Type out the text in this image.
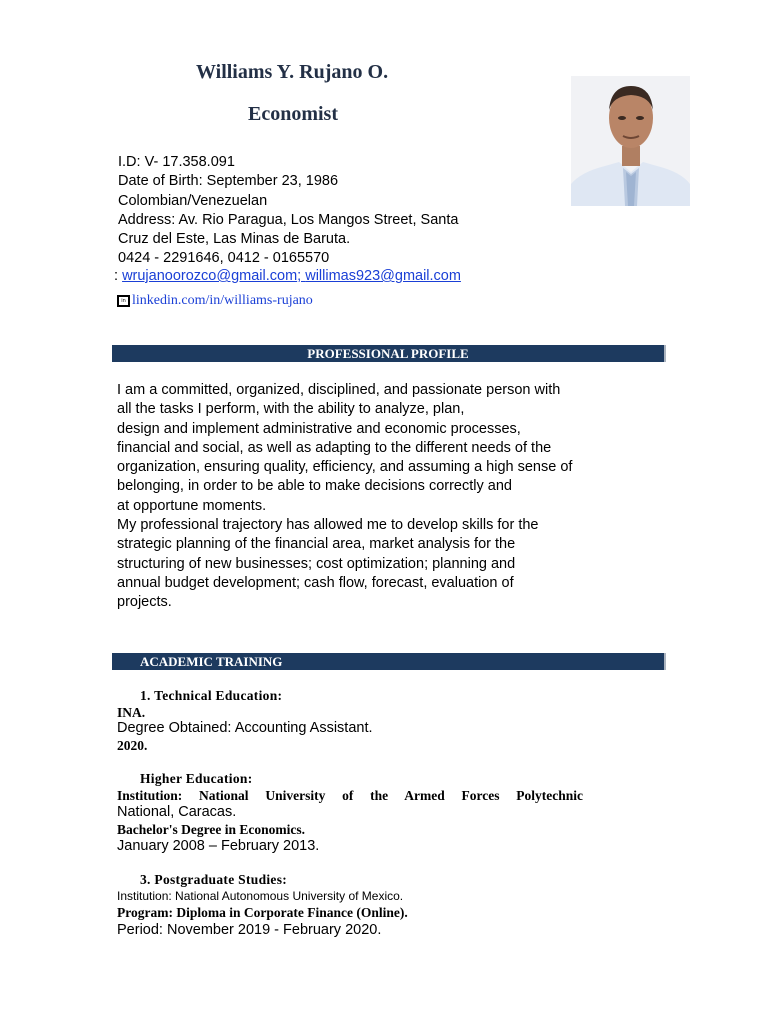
Williams Y. Rujano O.
Economist
I.D: V- 17.358.091
Date of Birth: September 23, 1986
Colombian/Venezuelan
Address: Av. Rio Paragua, Los Mangos Street, Santa
Cruz del Este, Las Minas de Baruta.
0424 - 2291646, 0412 - 0165570
: wrujanoorozco@gmail.com; willimas923@gmail.com
in linkedin.com/in/williams-rujano
PROFESSIONAL PROFILE

I am a committed, organized, disciplined, and passionate person with
all the tasks I perform, with the ability to analyze, plan,
design and implement administrative and economic processes,
financial and social, as well as adapting to the different needs of the
organization, ensuring quality, efficiency, and assuming a high sense of
belonging, in order to be able to make decisions correctly and
at opportune moments.

My professional trajectory has allowed me to develop skills for the
strategic planning of the financial area, market analysis for the
structuring of new businesses; cost optimization; planning and
annual budget development; cash flow, forecast, evaluation of
projects.

ACADEMIC TRAINING
1. Technical Education:
INA.
Degree Obtained: Accounting Assistant.
2020.
Higher Education:
Institution: National University of the Armed Forces Polytechnic
National, Caracas.
Bachelor's Degree in Economics.
January 2008 – February 2013.
3. Postgraduate Studies:
Institution: National Autonomous University of Mexico.
Program: Diploma in Corporate Finance (Online).
Period: November 2019 - February 2020.
